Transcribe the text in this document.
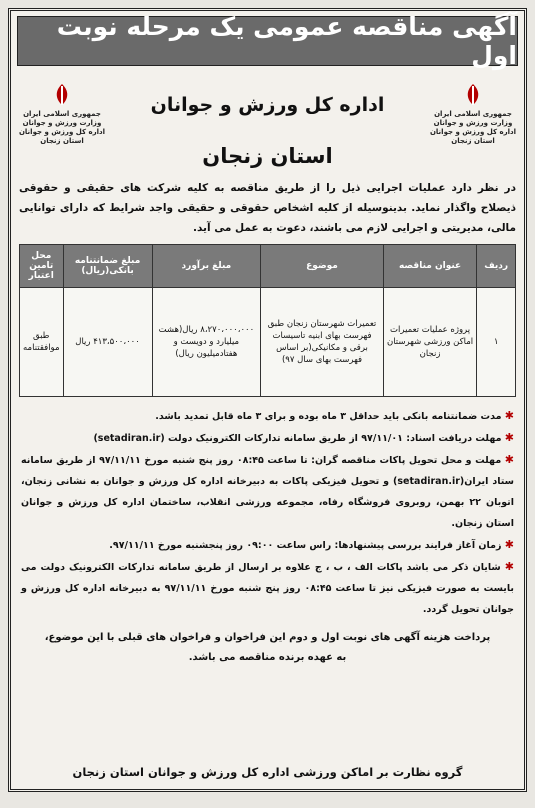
آگهی مناقصه عمومی یک مرحله نوبت اول
جمهوری اسلامی ایران
وزارت ورزش و جوانان
اداره کل ورزش و جوانان استان زنجان
جمهوری اسلامی ایران
وزارت ورزش و جوانان
اداره کل ورزش و جوانان استان زنجان
اداره کل ورزش و جوانان
استان زنجان
در نظر دارد عملیات اجرایی ذیل را از طریق مناقصه به کلیه شرکت های حقیقی و حقوقی ذیصلاح واگذار نماید. بدینوسیله از کلیه اشخاص حقوقی و حقیقی واجد شرایط که دارای توانایی مالی، مدیریتی و اجرایی لازم می باشند، دعوت به عمل می آید.
ردیف	عنوان مناقصه	موضوع	مبلغ برآورد	مبلغ ضمانتنامه بانکی(ریال)	محل تامین اعتبار
۱	پروژه عملیات تعمیرات اماکن ورزشی شهرستان زنجان	تعمیرات شهرستان زنجان طبق فهرست بهای ابنیه تاسیسات برقی و مکانیکی(بر اساس فهرست بهای سال ۹۷)	۸،۲۷۰،۰۰۰،۰۰۰ ریال(هشت میلیارد و دویست و هفتادمیلیون ریال)	۴۱۳،۵۰۰،۰۰۰ ریال	طبق موافقتنامه

✱ مدت ضمانتنامه بانکی باید حداقل ۳ ماه بوده و برای ۳ ماه قابل تمدید باشد.

✱ مهلت دریافت اسناد: ۹۷/۱۱/۰۱ از طریق سامانه تدارکات الکترونیک دولت (setadiran.ir)

✱ مهلت و محل تحویل پاکات مناقصه گران: تا ساعت ۰۸:۴۵ روز پنج شنبه مورخ ۹۷/۱۱/۱۱ از طریق سامانه ستاد ایران(setadiran.ir) و تحویل فیزیکی پاکات به دبیرخانه اداره کل ورزش و جوانان به نشانی زنجان، اتوبان ۲۲ بهمن، روبروی فروشگاه رفاه، مجموعه ورزشی انقلاب، ساختمان اداره کل ورزش و جوانان استان زنجان.

✱ زمان آغاز فرایند بررسی پیشنهادها: راس ساعت ۰۹:۰۰ روز پنجشنبه مورخ ۹۷/۱۱/۱۱.

✱ شایان ذکر می باشد پاکات الف ، ب ، ج علاوه بر ارسال از طریق سامانه تدارکات الکترونیک دولت می بایست به صورت فیزیکی نیز تا ساعت ۰۸:۴۵ روز پنج شنبه مورخ ۹۷/۱۱/۱۱ به دبیرخانه اداره کل ورزش و جوانان تحویل گردد.

پرداخت هزینه آگهی های نوبت اول و دوم این فراخوان و فراخوان های قبلی با این موضوع،
به عهده برنده مناقصه می باشد.
گروه نظارت بر اماکن ورزشی اداره کل ورزش و جوانان استان زنجان
